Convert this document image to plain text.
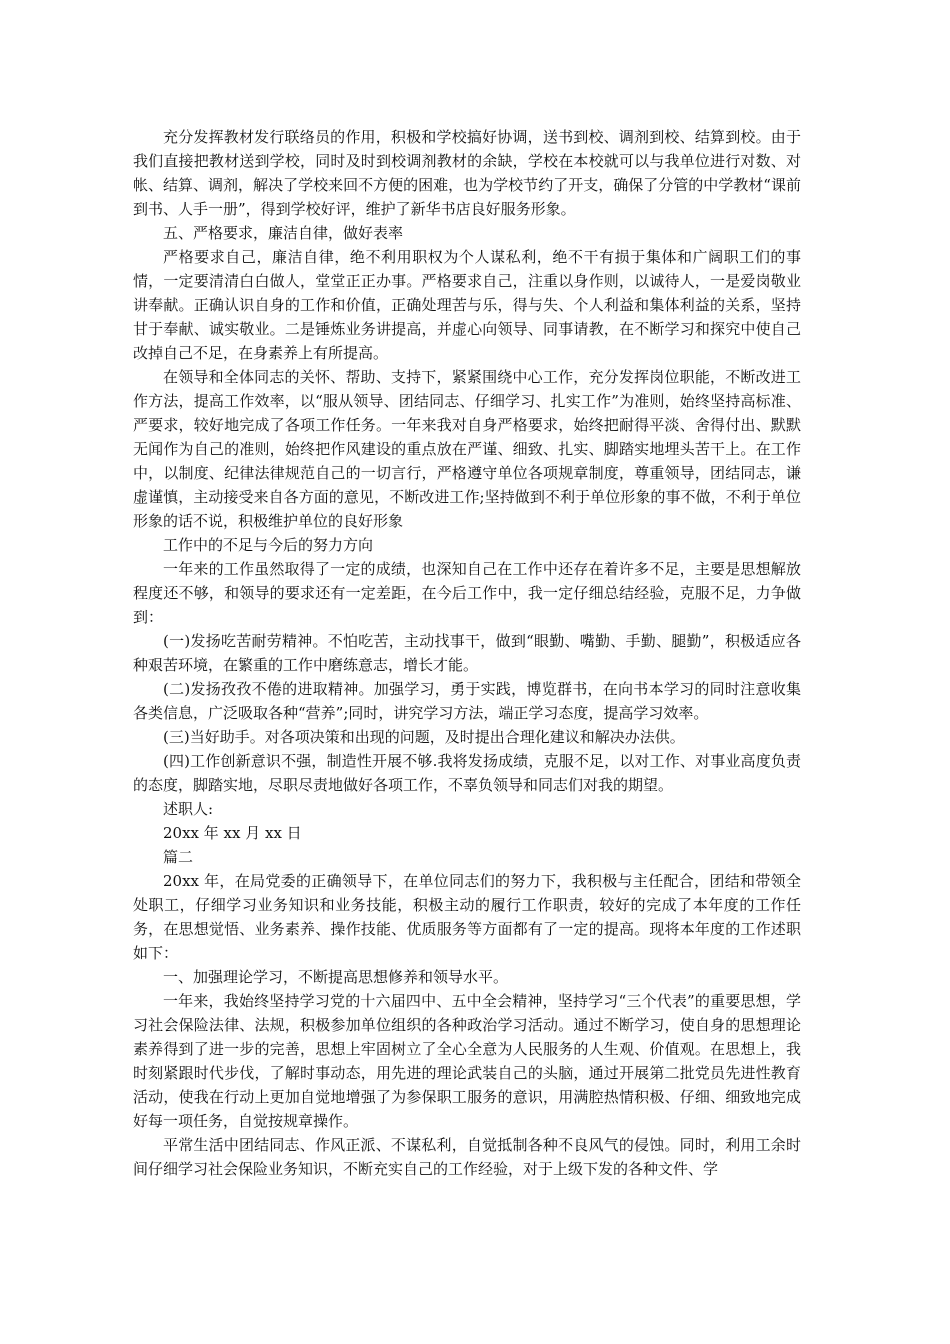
充分发挥教材发行联络员的作用，积极和学校搞好协调，送书到校、调剂到校、结算到校。由于我们直接把教材送到学校，同时及时到校调剂教材的余缺，学校在本校就可以与我单位进行对数、对帐、结算、调剂，解决了学校来回不方便的困难，也为学校节约了开支，确保了分管的中学教材“课前到书、人手一册”，得到学校好评，维护了新华书店良好服务形象。

五、严格要求，廉洁自律，做好表率

严格要求自己，廉洁自律，绝不利用职权为个人谋私利，绝不干有损于集体和广阔职工们的事情，一定要清清白白做人，堂堂正正办事。严格要求自己，注重以身作则，以诚待人，一是爱岗敬业讲奉献。正确认识自身的工作和价值，正确处理苦与乐，得与失、个人利益和集体利益的关系，坚持甘于奉献、诚实敬业。二是锤炼业务讲提高，并虚心向领导、同事请教，在不断学习和探究中使自己改掉自己不足，在身素养上有所提高。

在领导和全体同志的关怀、帮助、支持下，紧紧围绕中心工作，充分发挥岗位职能，不断改进工作方法，提高工作效率，以“服从领导、团结同志、仔细学习、扎实工作”为准则，始终坚持高标准、严要求，较好地完成了各项工作任务。一年来我对自身严格要求，始终把耐得平淡、舍得付出、默默无闻作为自己的准则，始终把作风建设的重点放在严谨、细致、扎实、脚踏实地埋头苦干上。在工作中，以制度、纪律法律规范自己的一切言行，严格遵守单位各项规章制度，尊重领导，团结同志，谦虚谨慎，主动接受来自各方面的意见，不断改进工作;坚持做到不利于单位形象的事不做，不利于单位形象的话不说，积极维护单位的良好形象

工作中的不足与今后的努力方向

一年来的工作虽然取得了一定的成绩，也深知自己在工作中还存在着许多不足，主要是思想解放程度还不够，和领导的要求还有一定差距，在今后工作中，我一定仔细总结经验，克服不足，力争做到：

(一)发扬吃苦耐劳精神。不怕吃苦，主动找事干，做到“眼勤、嘴勤、手勤、腿勤”，积极适应各种艰苦环境，在繁重的工作中磨练意志，增长才能。

(二)发扬孜孜不倦的进取精神。加强学习，勇于实践，博览群书，在向书本学习的同时注意收集各类信息，广泛吸取各种“营养”;同时，讲究学习方法，端正学习态度，提高学习效率。

(三)当好助手。对各项决策和出现的问题，及时提出合理化建议和解决办法供。

(四)工作创新意识不强，制造性开展不够.我将发扬成绩，克服不足，以对工作、对事业高度负责的态度，脚踏实地，尽职尽责地做好各项工作，不辜负领导和同志们对我的期望。

述职人:

20xx 年 xx 月 xx 日

篇二

20xx 年，在局党委的正确领导下，在单位同志们的努力下，我积极与主任配合，团结和带领全处职工，仔细学习业务知识和业务技能，积极主动的履行工作职责，较好的完成了本年度的工作任务，在思想觉悟、业务素养、操作技能、优质服务等方面都有了一定的提高。现将本年度的工作述职如下：

一、加强理论学习，不断提高思想修养和领导水平。

一年来，我始终坚持学习党的十六届四中、五中全会精神，坚持学习“三个代表”的重要思想，学习社会保险法律、法规，积极参加单位组织的各种政治学习活动。通过不断学习，使自身的思想理论素养得到了进一步的完善，思想上牢固树立了全心全意为人民服务的人生观、价值观。在思想上，我时刻紧跟时代步伐，了解时事动态，用先进的理论武装自己的头脑，通过开展第二批党员先进性教育活动，使我在行动上更加自觉地增强了为参保职工服务的意识，用满腔热情积极、仔细、细致地完成好每一项任务，自觉按规章操作。

平常生活中团结同志、作风正派、不谋私利，自觉抵制各种不良风气的侵蚀。同时，利用工余时间仔细学习社会保险业务知识，不断充实自己的工作经验，对于上级下发的各种文件、学
